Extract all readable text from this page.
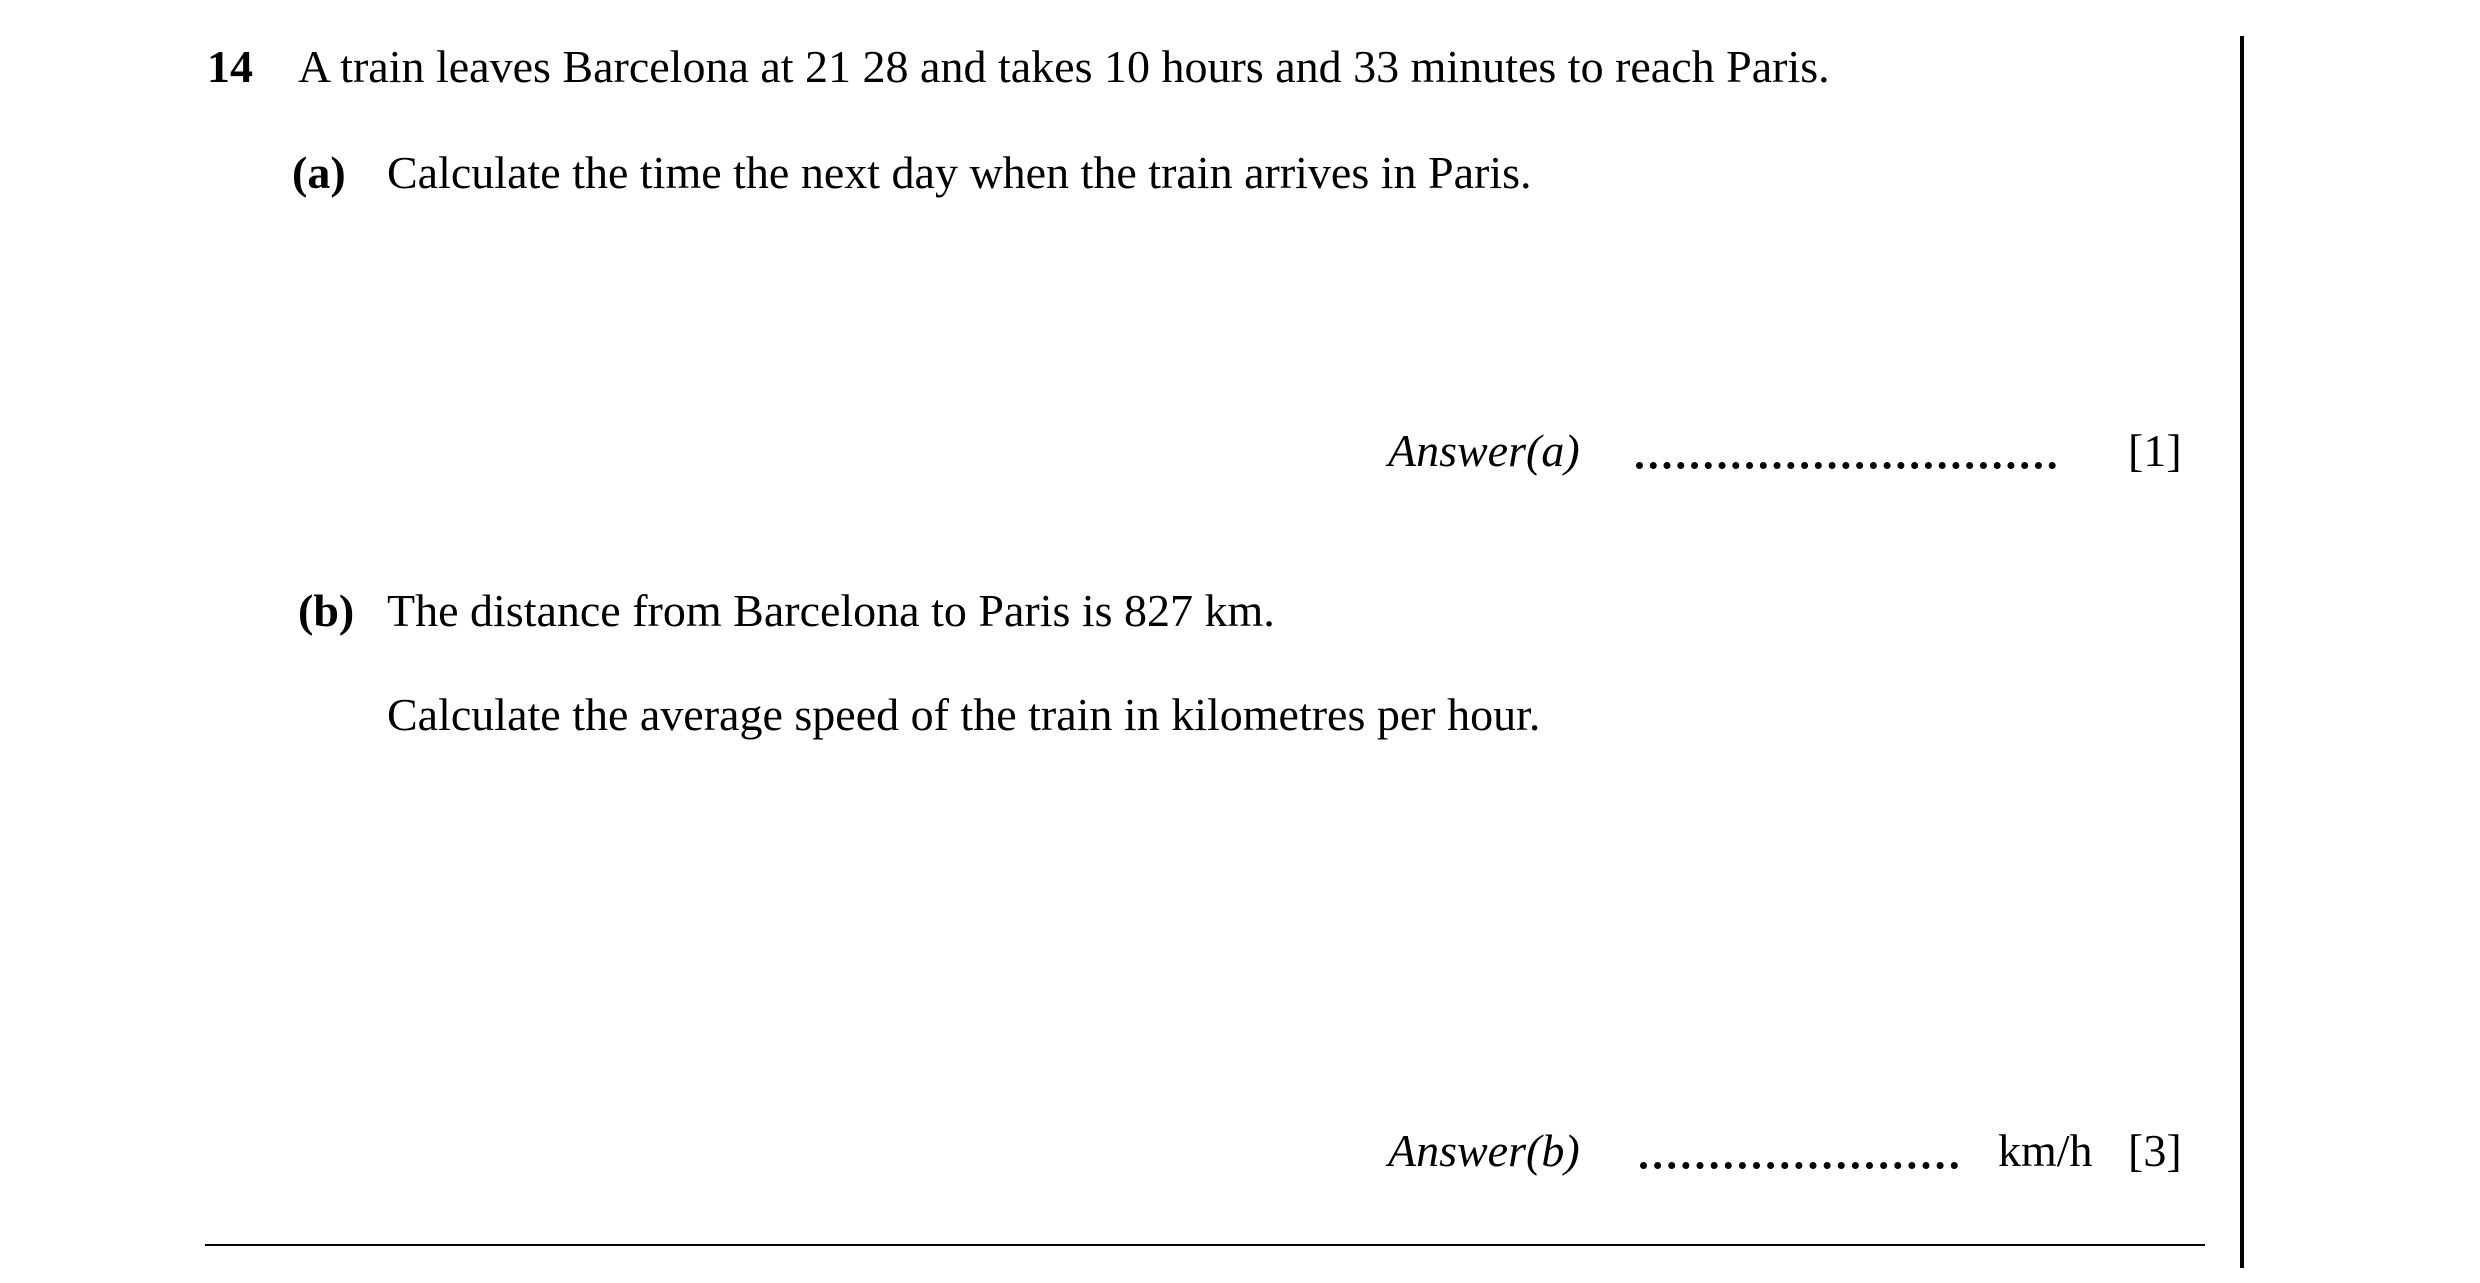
14 A train leaves Barcelona at 21 28 and takes 10 hours and 33 minutes to reach Paris.
(a) Calculate the time the next day when the train arrives in Paris.
Answer(a)	[1]
(b) The distance from Barcelona to Paris is 827 km.
Calculate the average speed of the train in kilometres per hour.
Answer(b)	km/h [3]
